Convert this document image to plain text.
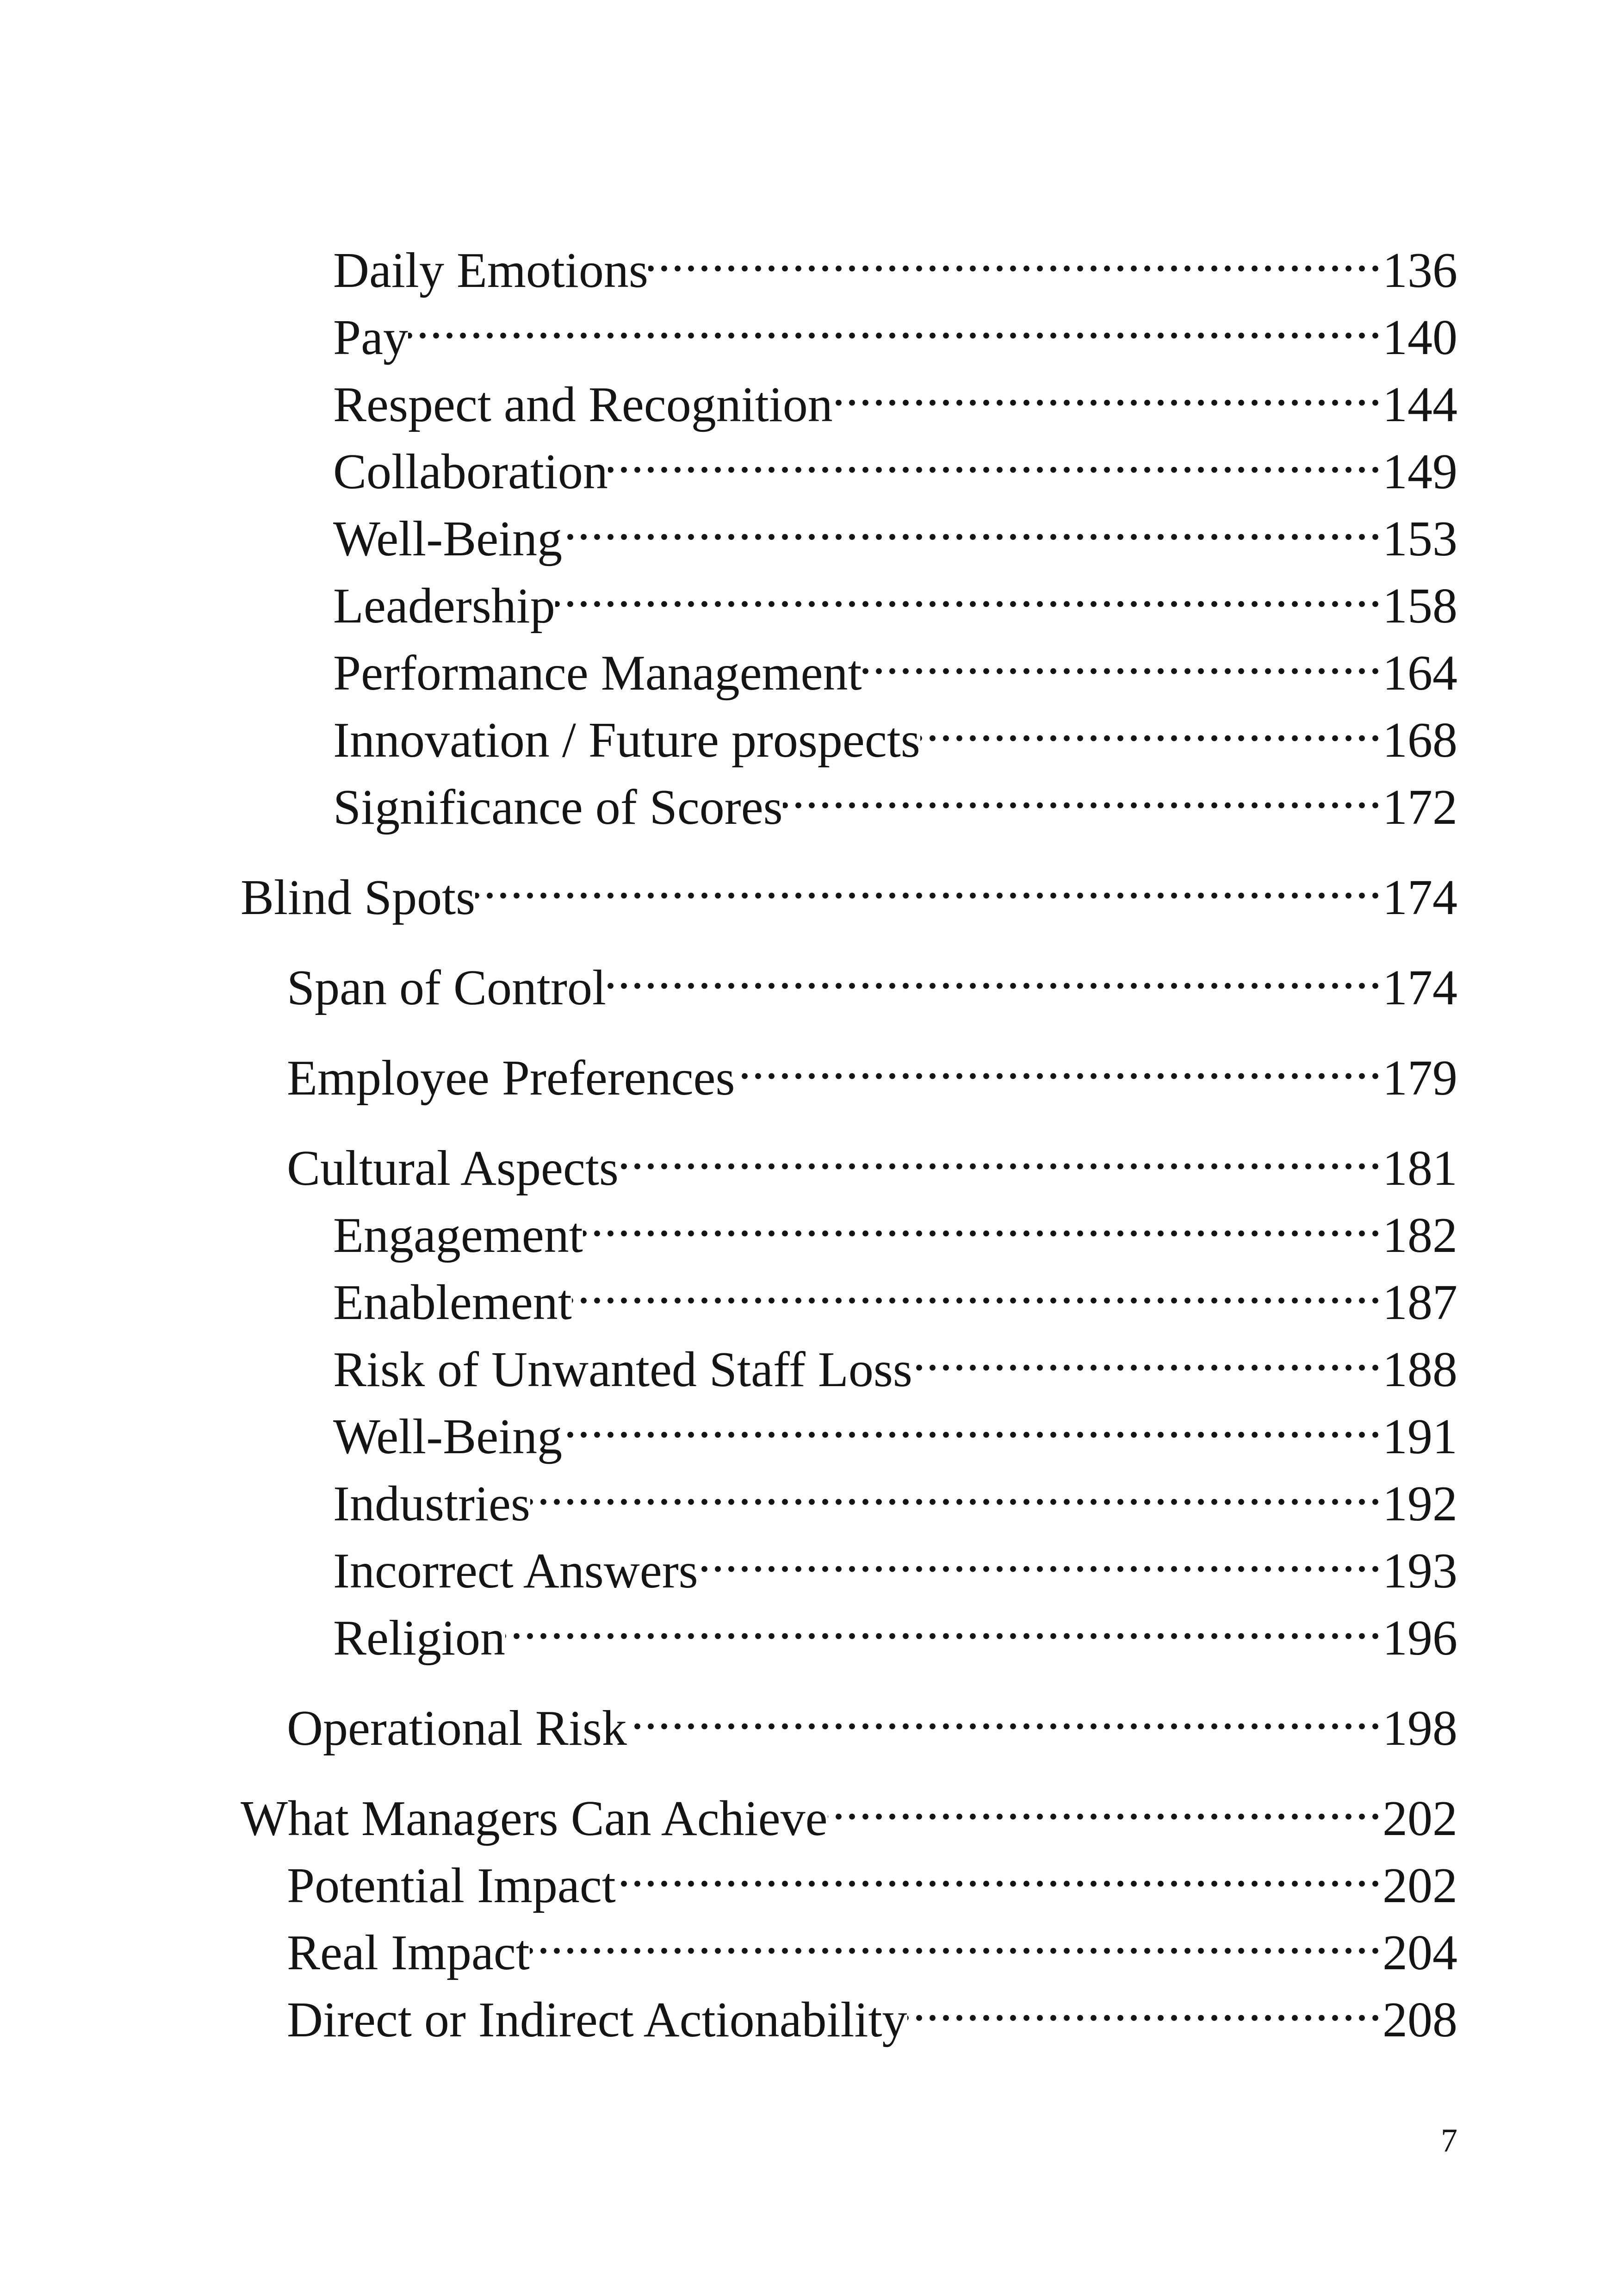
Daily Emotions .....	136
Pay .....	140
Respect and Recognition .....	144
Collaboration .....	149
Well-Being .....	153
Leadership .....	158
Performance Management .....	164
Innovation / Future prospects .....	168
Significance of Scores .....	172
Blind Spots .....	174
Span of Control .....	174
Employee Preferences .....	179
Cultural Aspects .....	181
Engagement .....	182
Enablement .....	187
Risk of Unwanted Staff Loss .....	188
Well-Being .....	191
Industries .....	192
Incorrect Answers .....	193
Religion .....	196
Operational Risk .....	198
What Managers Can Achieve .....	202
Potential Impact .....	202
Real Impact .....	204
Direct or Indirect Actionability .....	208
7
